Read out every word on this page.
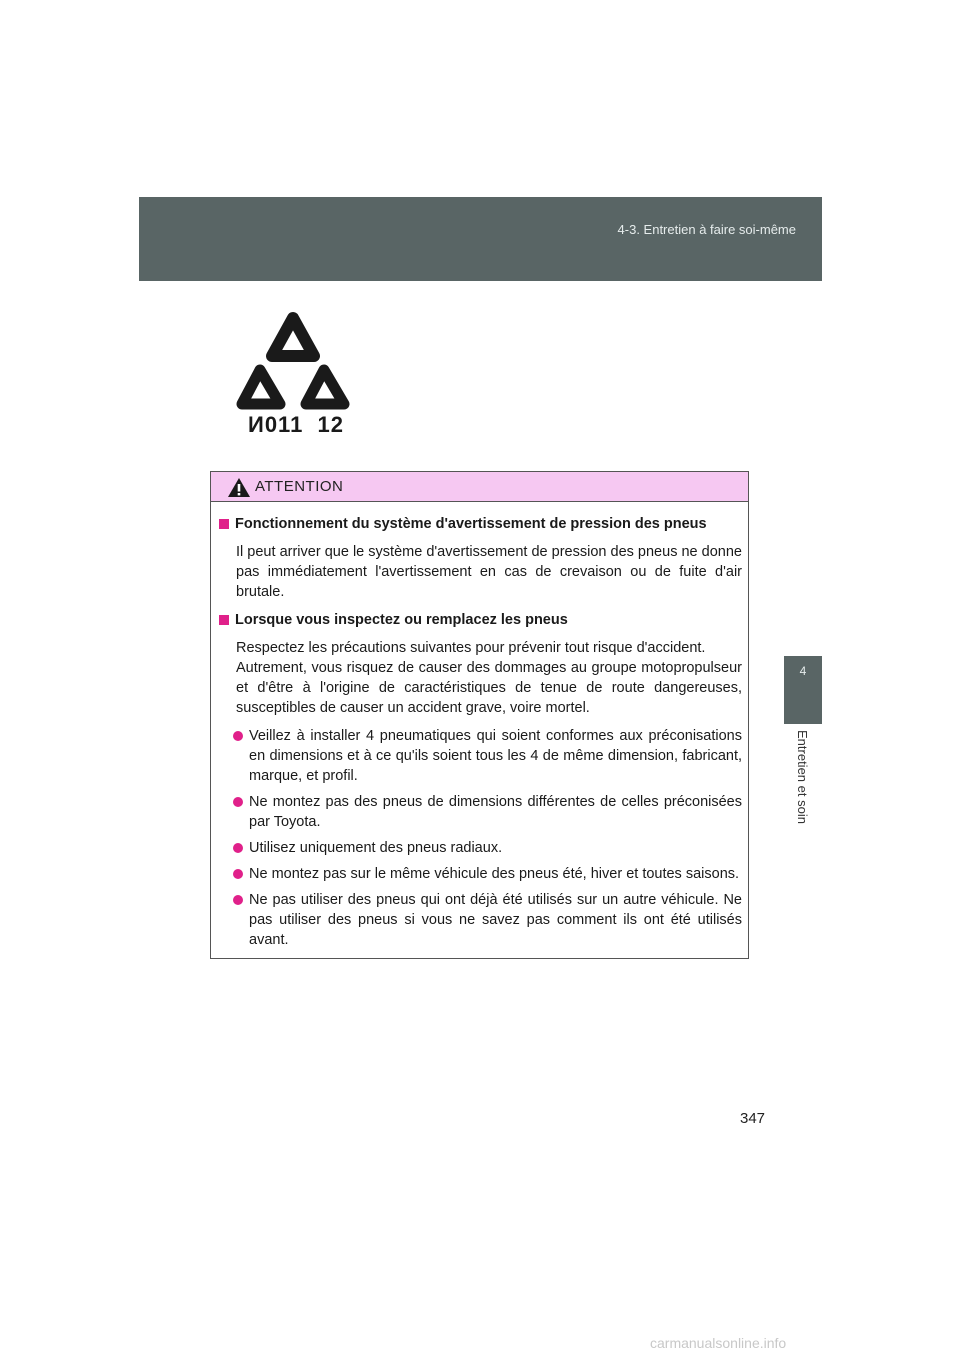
4-3. Entretien à faire soi-même
4
Entretien et soin
И011  12
ATTENTION
Fonctionnement du système d'avertissement de pression des pneus
Il peut arriver que le système d'avertissement de pression des pneus ne donne pas immédiatement l'avertissement en cas de crevaison ou de fuite d'air brutale.
Lorsque vous inspectez ou remplacez les pneus
Respectez les précautions suivantes pour prévenir tout risque d'accident.
Autrement, vous risquez de causer des dommages au groupe motopropulseur et d'être à l'origine de caractéristiques de tenue de route dangereuses, susceptibles de causer un accident grave, voire mortel.
Veillez à installer 4 pneumatiques qui soient conformes aux préconisations en dimensions et à ce qu'ils soient tous les 4 de même dimension, fabricant, marque, et profil.
Ne montez pas des pneus de dimensions différentes de celles préconisées par Toyota.
Utilisez uniquement des pneus radiaux.
Ne montez pas sur le même véhicule des pneus été, hiver et toutes saisons.
Ne pas utiliser des pneus qui ont déjà été utilisés sur un autre véhicule. Ne pas utiliser des pneus si vous ne savez pas comment ils ont été utilisés avant.
347
carmanualsonline.info
